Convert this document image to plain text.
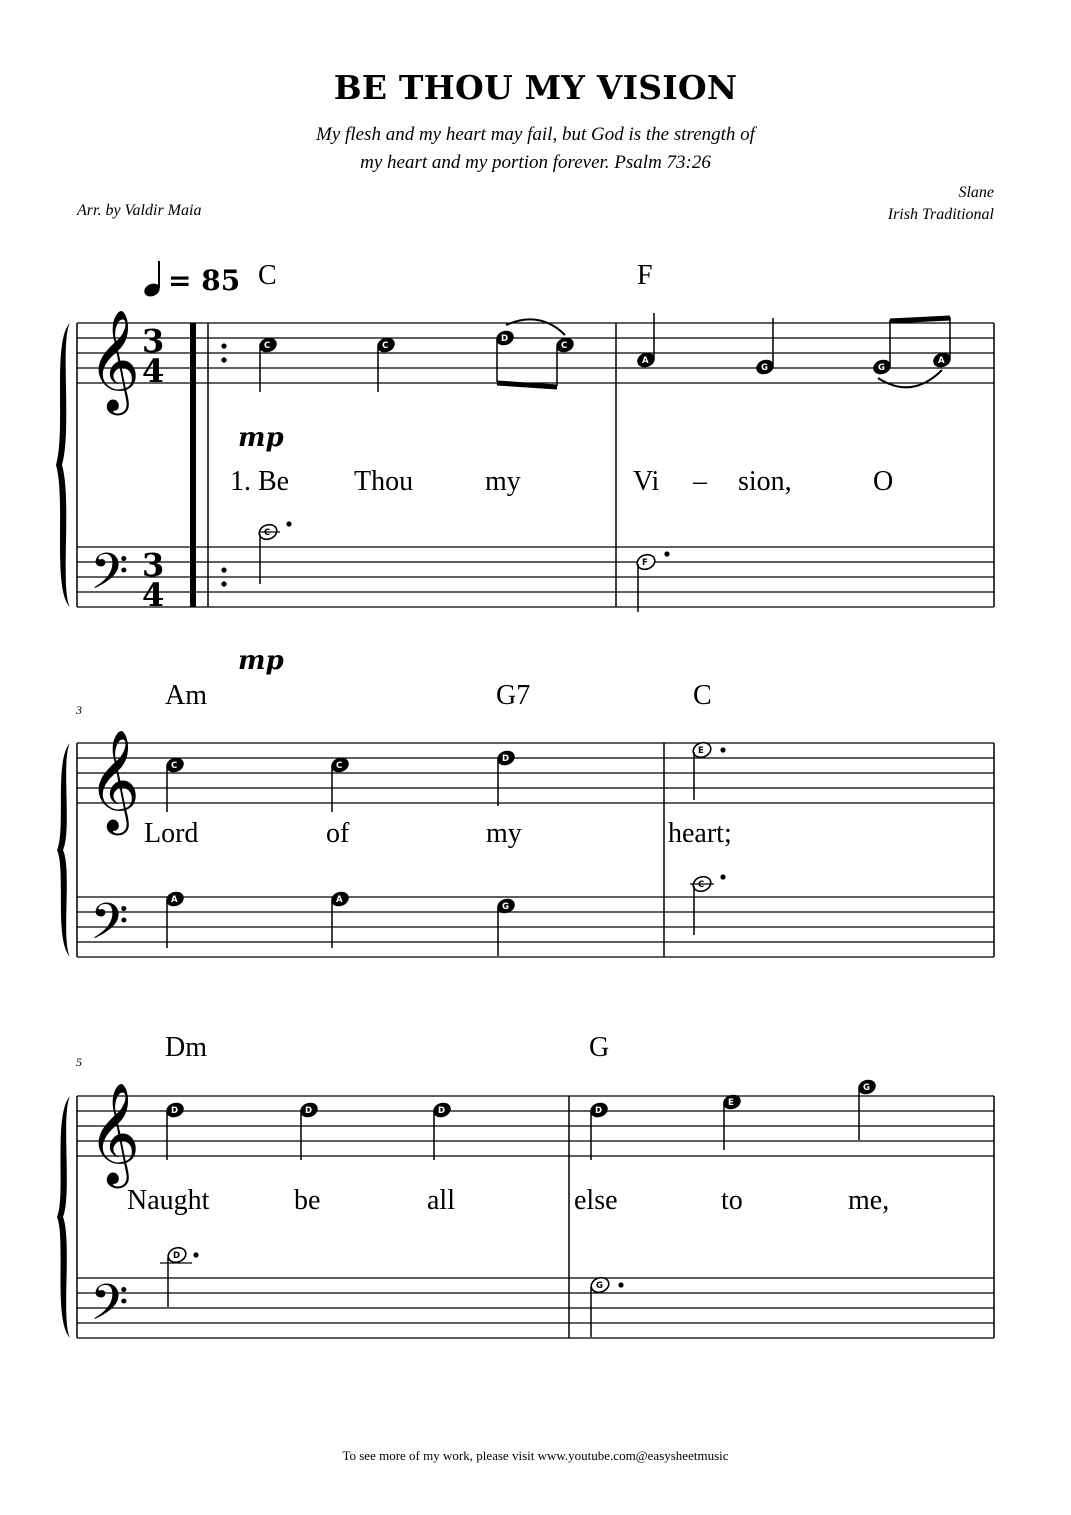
BE THOU MY VISION
My flesh and my heart may fail, but God is the strength of
my heart and my portion forever. Psalm 73:26
Arr. by Valdir Maia
Slane
Irish Traditional
𝄞
𝄢
3
4
3
4
C	C
D
C
A
G	G
A
C
F
𝄞
𝄢
C	C
D
E
A	A
G
C
𝄞
𝄢
D	D	D	D
E
G
D
G
= 85 C	F
mp
1. Be Thou	my	Vi – sion,	O
mp
3	Am	G7	C
Lord	of	my	heart;
5	Dm	G
Naught	be	all	else	to	me,
To see more of my work, please visit www.youtube.com@easysheetmusic
